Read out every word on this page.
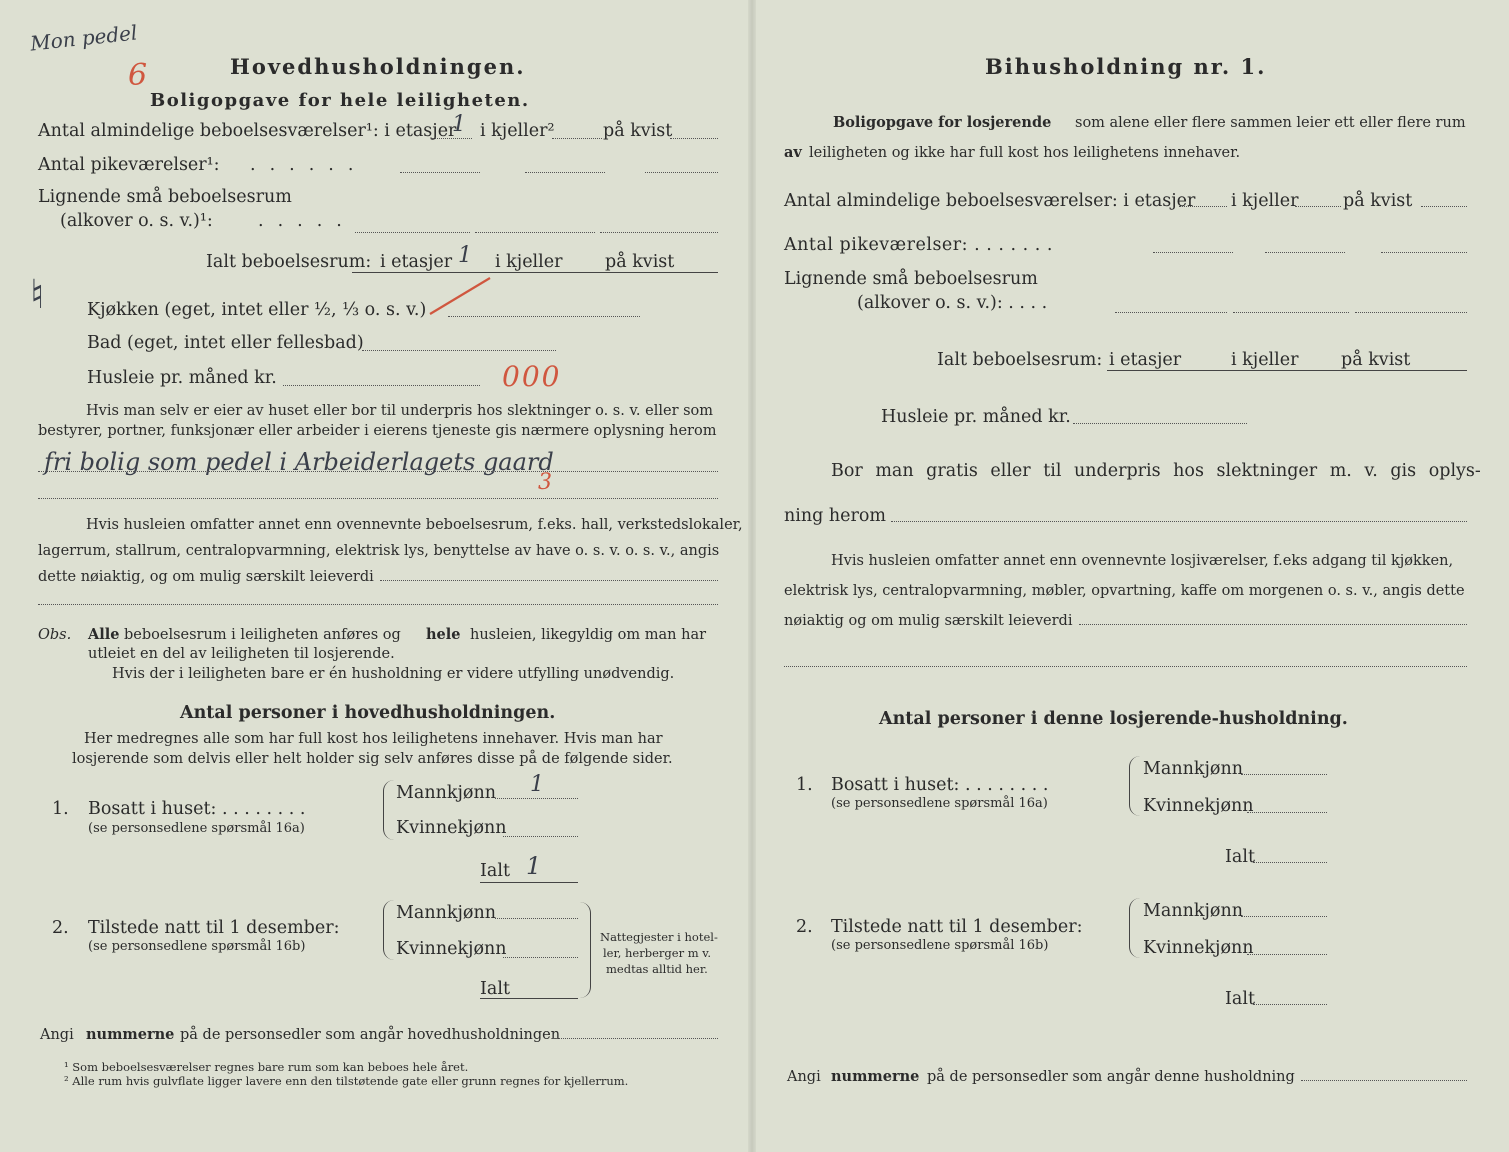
Mon pedel
6	Hovedhusholdningen.
Boligopgave for hele leiligheten.
Antal almindelige beboelsesværelser¹: i etasjer
1 i kjeller²	på kvist
Antal pikeværelser¹: ......
Lignende små beboelsesrum
(alkover o. s. v.)¹:	.....
Ialt beboelsesrum: i etasjer 1 i kjeller på kvist
♮ Kjøkken (eget, intet eller ½, ⅓ o. s. v.)
Bad (eget, intet eller fellesbad)
Husleie pr. måned kr.	000
Hvis man selv er eier av huset eller bor til underpris hos slektninger o. s. v. eller som
bestyrer, portner, funksjonær eller arbeider i eierens tjeneste gis nærmere oplysning herom
fri bolig som pedel i Arbeiderlagets gaard
3
Hvis husleien omfatter annet enn ovennevnte beboelsesrum, f.eks. hall, verkstedslokaler,
lagerrum, stallrum, centralopvarmning, elektrisk lys, benyttelse av have o. s. v. o. s. v., angis
dette nøiaktig, og om mulig særskilt leieverdi
Obs. Alle beboelsesrum i leiligheten anføres og hele husleien, likegyldig om man har
utleiet en del av leiligheten til losjerende.
Hvis der i leiligheten bare er én husholdning er videre utfylling unødvendig.
Antal personer i hovedhusholdningen.
Her medregnes alle som har full kost hos leilighetens innehaver. Hvis man har
losjerende som delvis eller helt holder sig selv anføres disse på de følgende sider.
1. Bosatt i huset: . . . . . . . .
(se personsedlene spørsmål 16a)
Mannkjønn 1
Kvinnekjønn
Ialt 1
2. Tilstede natt til 1 desember:
(se personsedlene spørsmål 16b)
Mannkjønn
Kvinnekjønn
Ialt
Nattegjester i hotel-
ler, herberger m v.
medtas alltid her.
Angi nummerne på de personsedler som angår hovedhusholdningen
¹ Som beboelsesværelser regnes bare rum som kan beboes hele året.
² Alle rum hvis gulvflate ligger lavere enn den tilstøtende gate eller grunn regnes for kjellerrum.
Bihusholdning nr. 1.
Boligopgave for losjerende som alene eller flere sammen leier ett eller flere rum
av leiligheten og ikke har full kost hos leilighetens innehaver.
Antal almindelige beboelsesværelser: i etasjer i kjeller	på kvist
Antal pikeværelser: . . . . . . .
Lignende små beboelsesrum
(alkover o. s. v.): . . . .
Ialt beboelsesrum: i etasjer	i kjeller på kvist
Husleie pr. måned kr.
Bor man gratis eller til underpris hos slektninger m. v. gis oplys-
ning herom
Hvis husleien omfatter annet enn ovennevnte losjiværelser, f.eks adgang til kjøkken,
elektrisk lys, centralopvarmning, møbler, opvartning, kaffe om morgenen o. s. v., angis dette
nøiaktig og om mulig særskilt leieverdi
Antal personer i denne losjerende-husholdning.
1. Bosatt i huset: . . . . . . . .
(se personsedlene spørsmål 16a)
Mannkjønn
Kvinnekjønn
Ialt
2. Tilstede natt til 1 desember:
(se personsedlene spørsmål 16b)
Mannkjønn
Kvinnekjønn
Ialt
Angi nummerne på de personsedler som angår denne husholdning
